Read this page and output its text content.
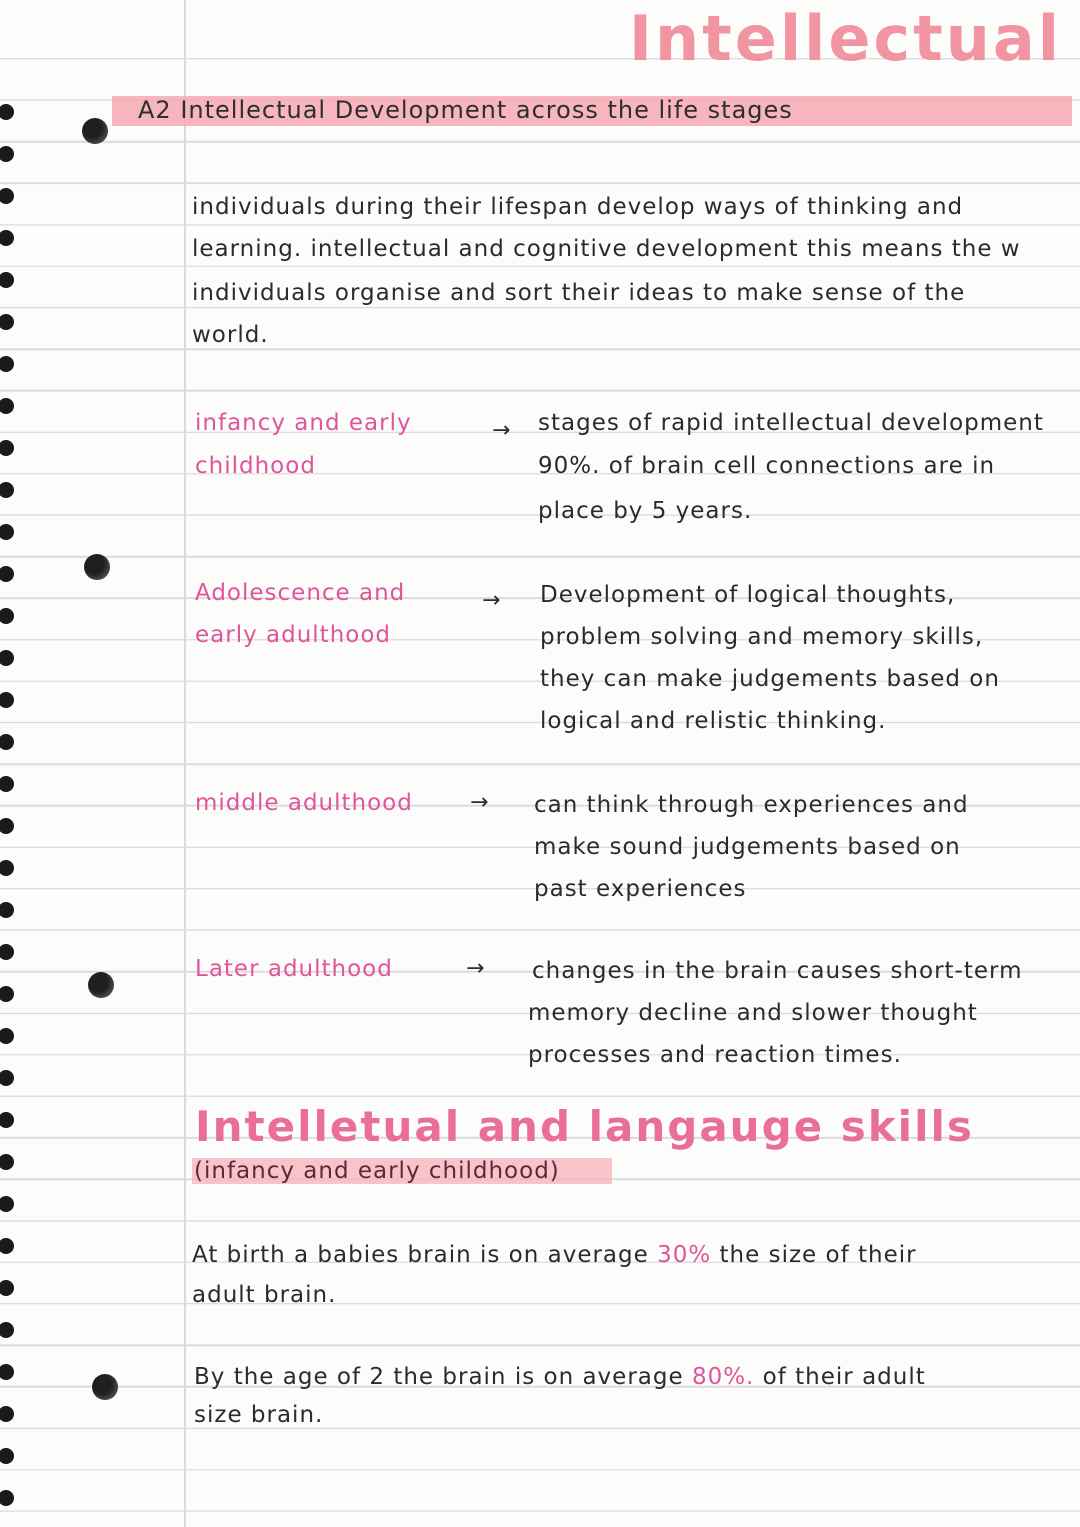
Intellectual
A2 Intellectual Development across the life stages
individuals during their lifespan develop ways of thinking and
learning. intellectual and cognitive development this means the w
individuals organise and sort their ideas to make sense of the
world.
infancy and early
childhood
→ stages of rapid intellectual development
90%. of brain cell connections are in
place by 5 years.
Adolescence and
early adulthood
→ Development of logical thoughts,
problem solving and memory skills,
they can make judgements based on
logical and relistic thinking.
middle adulthood	→ can think through experiences and
make sound judgements based on
past experiences
Later adulthood	→ changes in the brain causes short-term
memory decline and slower thought
processes and reaction times.
Intelletual and langauge skills
(infancy and early childhood)
At birth a babies brain is on average 30% the size of their
adult brain.
By the age of 2 the brain is on average 80%. of their adult
size brain.
